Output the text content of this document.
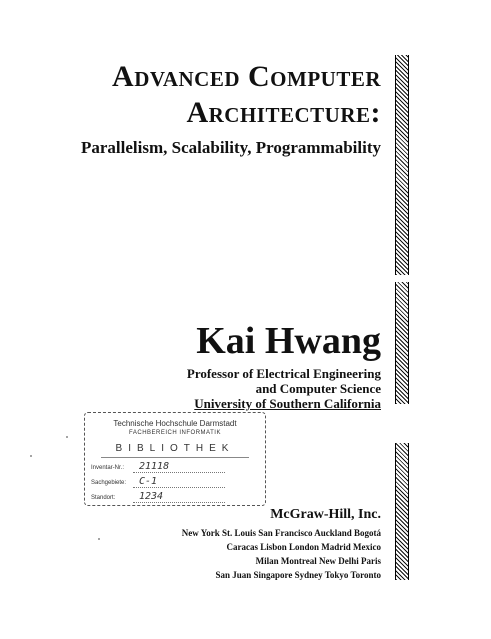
Advanced Computer
Architecture:
Parallelism, Scalability, Programmability
Kai Hwang
Professor of Electrical Engineering
and Computer Science
University of Southern California
McGraw-Hill, Inc.
New York St. Louis San Francisco Auckland Bogotá
Caracas Lisbon London Madrid Mexico
Milan Montreal New Delhi Paris
San Juan Singapore Sydney Tokyo Toronto
Technische Hochschule Darmstadt
FACHBEREICH INFORMATIK
BIBLIOTHEK
Inventar-Nr.: 21118
Sachgebiete: C-1
Standort: 1234
